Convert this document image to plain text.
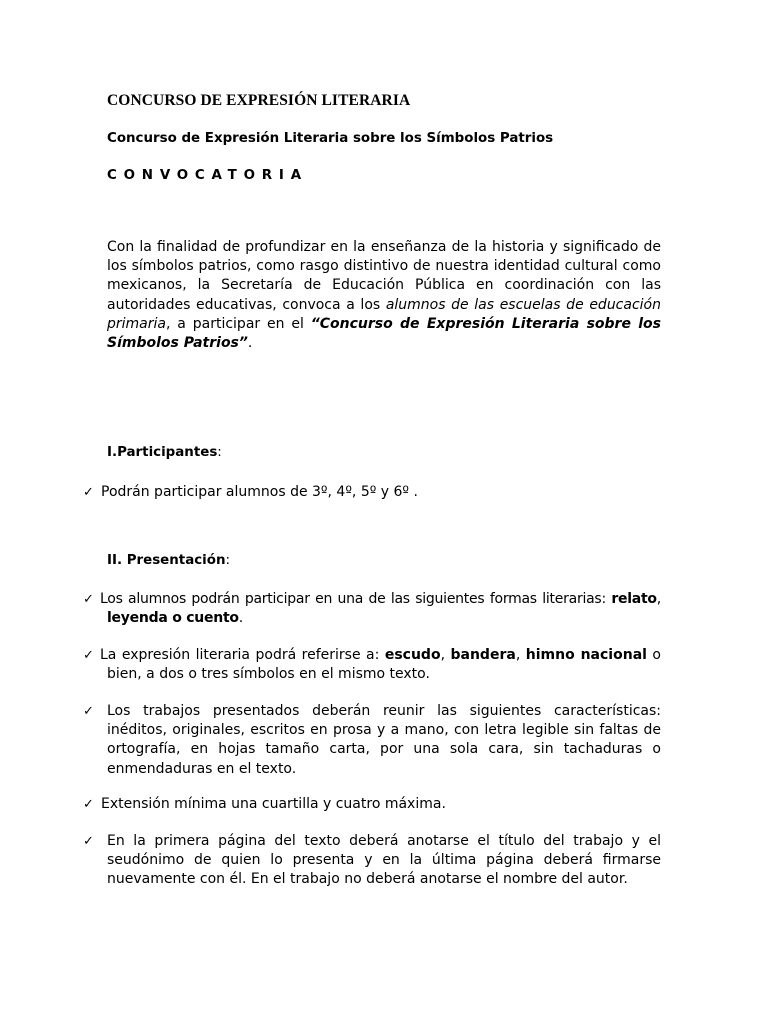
CONCURSO DE EXPRESIÓN LITERARIA
Concurso de Expresión Literaria sobre los Símbolos Patrios
CONVOCATORIA
Con la finalidad de profundizar en la enseñanza de la historia y significado de los símbolos patrios, como rasgo distintivo de nuestra identidad cultural como mexicanos, la Secretaría de Educación Pública en coordinación con las autoridades educativas, convoca a los alumnos de las escuelas de educación primaria, a participar en el “Concurso de Expresión Literaria sobre los Símbolos Patrios”.
I.Participantes:
✓ Podrán participar alumnos de 3º, 4º, 5º y 6º .
II. Presentación:
✓ Los alumnos podrán participar en una de las siguientes formas literarias: relato, leyenda o cuento.
✓ La expresión literaria podrá referirse a: escudo, bandera, himno nacional o bien, a dos o tres símbolos en el mismo texto.
✓ Los trabajos presentados deberán reunir las siguientes características: inéditos, originales, escritos en prosa y a mano, con letra legible sin faltas de ortografía, en hojas tamaño carta, por una sola cara, sin tachaduras o enmendaduras en el texto.
✓ Extensión mínima una cuartilla y cuatro máxima.
✓ En la primera página del texto deberá anotarse el título del trabajo y el seudónimo de quien lo presenta y en la última página deberá firmarse nuevamente con él. En el trabajo no deberá anotarse el nombre del autor.
